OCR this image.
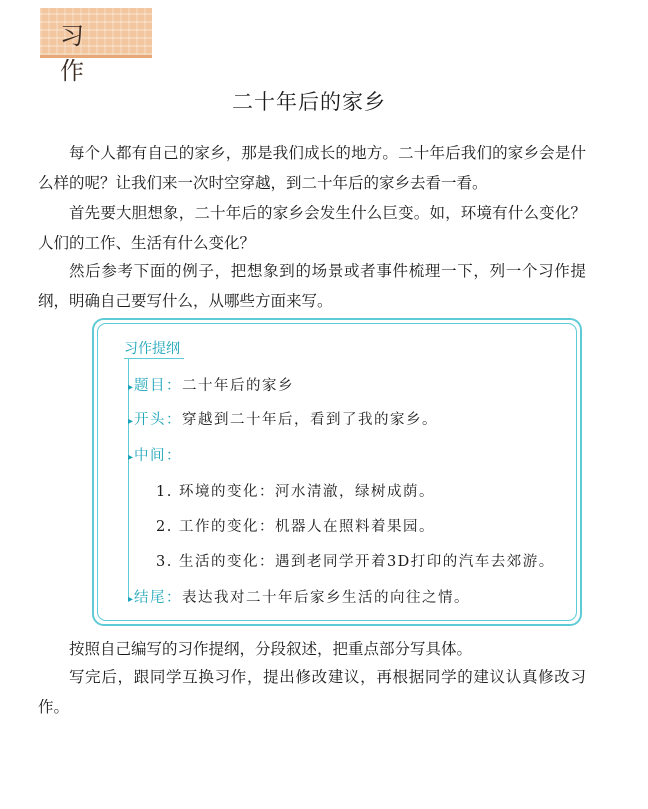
习 作
二十年后的家乡

每个人都有自己的家乡，那是我们成长的地方。二十年后我们的家乡会是什么样的呢？让我们来一次时空穿越，到二十年后的家乡去看一看。

首先要大胆想象，二十年后的家乡会发生什么巨变。如，环境有什么变化？人们的工作、生活有什么变化？

然后参考下面的例子，把想象到的场景或者事件梳理一下，列一个习作提纲，明确自己要写什么，从哪些方面来写。

习作提纲
▸题目：二十年后的家乡
▸开头：穿越到二十年后，看到了我的家乡。
▸中间：
1. 环境的变化：河水清澈，绿树成荫。
2. 工作的变化：机器人在照料着果园。
3. 生活的变化：遇到老同学开着3D打印的汽车去郊游。
▸结尾：表达我对二十年后家乡生活的向往之情。

按照自己编写的习作提纲，分段叙述，把重点部分写具体。

写完后，跟同学互换习作，提出修改建议，再根据同学的建议认真修改习作。
